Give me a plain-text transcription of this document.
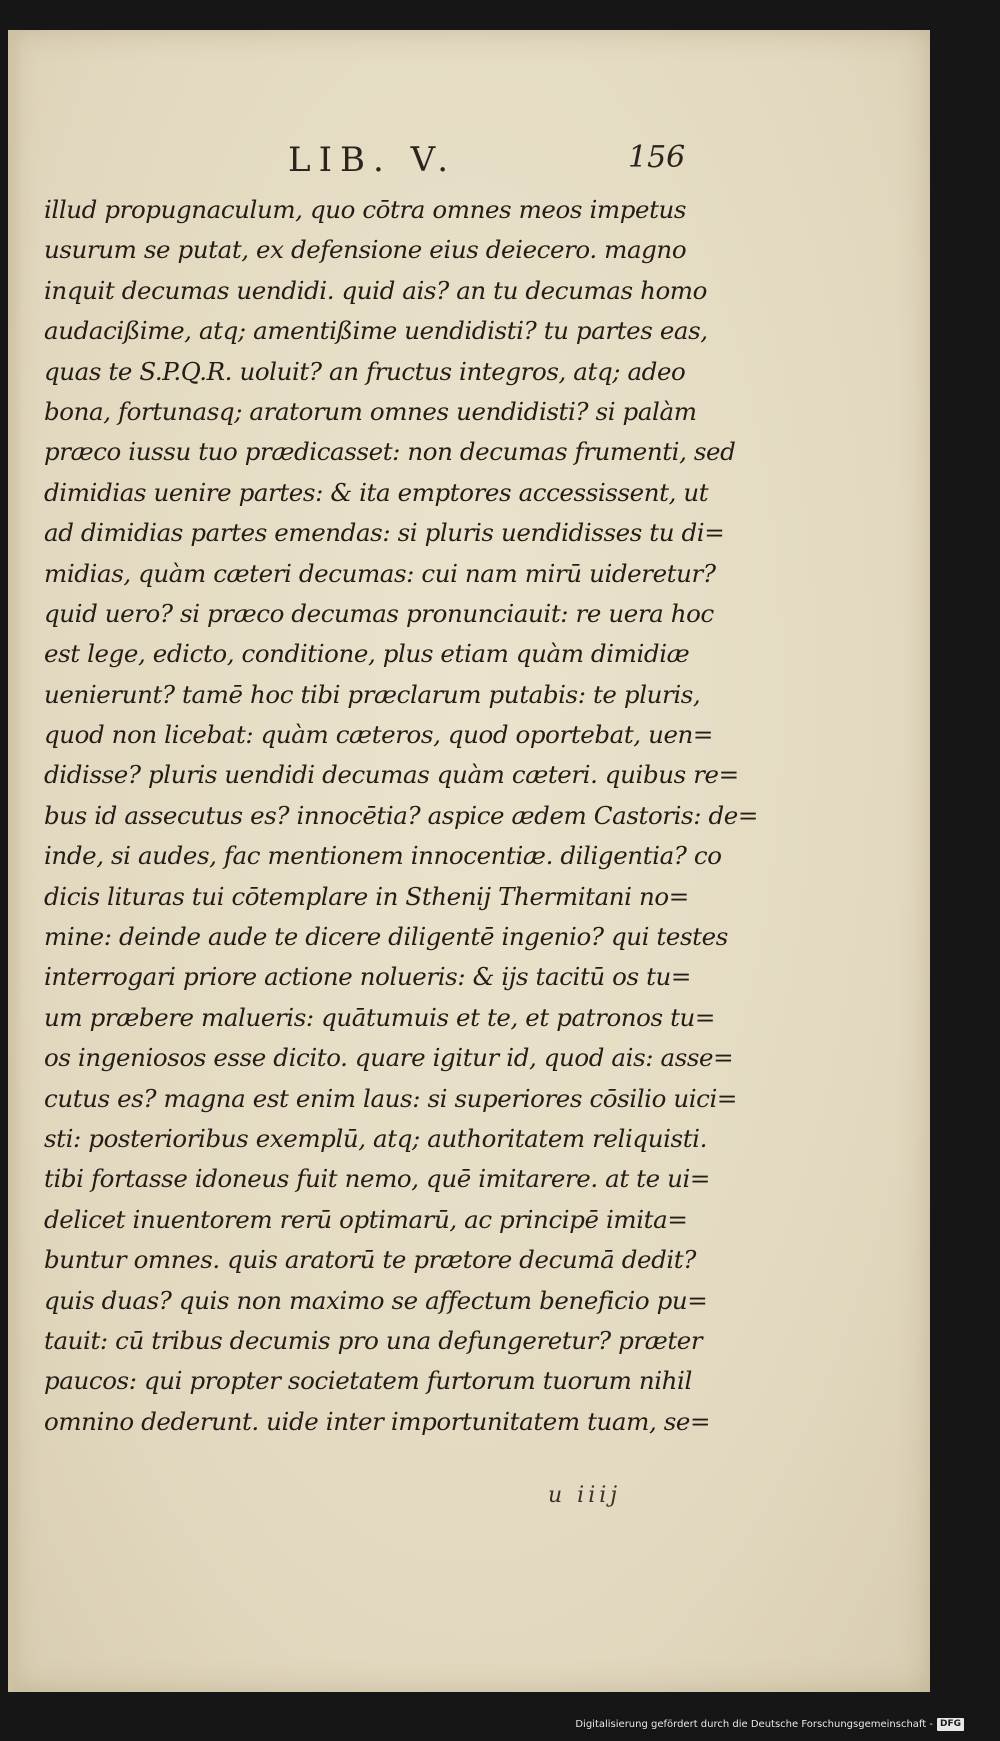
LIB. V.	156
illud propugnaculum, quo cōtra omnes meos impetus
usurum se putat, ex defensione eius deiecero. magno
inquit decumas uendidi. quid ais? an tu decumas homo
audacißime, atq; amentißime uendidisti? tu partes eas,
quas te S.P.Q.R. uoluit? an fructus integros, atq; adeo
bona, fortunasq; aratorum omnes uendidisti? si palàm
præco iussu tuo prædicasset: non decumas frumenti, sed
dimidias uenire partes: & ita emptores accessissent, ut
ad dimidias partes emendas: si pluris uendidisses tu di=
midias, quàm cæteri decumas: cui nam mirū uideretur?
quid uero? si præco decumas pronunciauit: re uera hoc
est lege, edicto, conditione, plus etiam quàm dimidiæ
uenierunt? tamē hoc tibi præclarum putabis: te pluris,
quod non licebat: quàm cæteros, quod oportebat, uen=
didisse? pluris uendidi decumas quàm cæteri. quibus re=
bus id assecutus es? innocētia? aspice ædem Castoris: de=
inde, si audes, fac mentionem innocentiæ. diligentia? co
dicis lituras tui cōtemplare in Sthenij Thermitani no=
mine: deinde aude te dicere diligentē ingenio? qui testes
interrogari priore actione nolueris: & ijs tacitū os tu=
um præbere malueris: quātumuis et te, et patronos tu=
os ingeniosos esse dicito. quare igitur id, quod ais: asse=
cutus es? magna est enim laus: si superiores cōsilio uici=
sti: posterioribus exemplū, atq; authoritatem reliquisti.
tibi fortasse idoneus fuit nemo, quē imitarere. at te ui=
delicet inuentorem rerū optimarū, ac principē imita=
buntur omnes. quis aratorū te prætore decumā dedit?
quis duas? quis non maximo se affectum beneficio pu=
tauit: cū tribus decumis pro una defungeretur? præter
paucos: qui propter societatem furtorum tuorum nihil
omnino dederunt. uide inter importunitatem tuam, se=
u iiij
Digitalisierung gefördert durch die Deutsche Forschungsgemeinschaft - DFG
